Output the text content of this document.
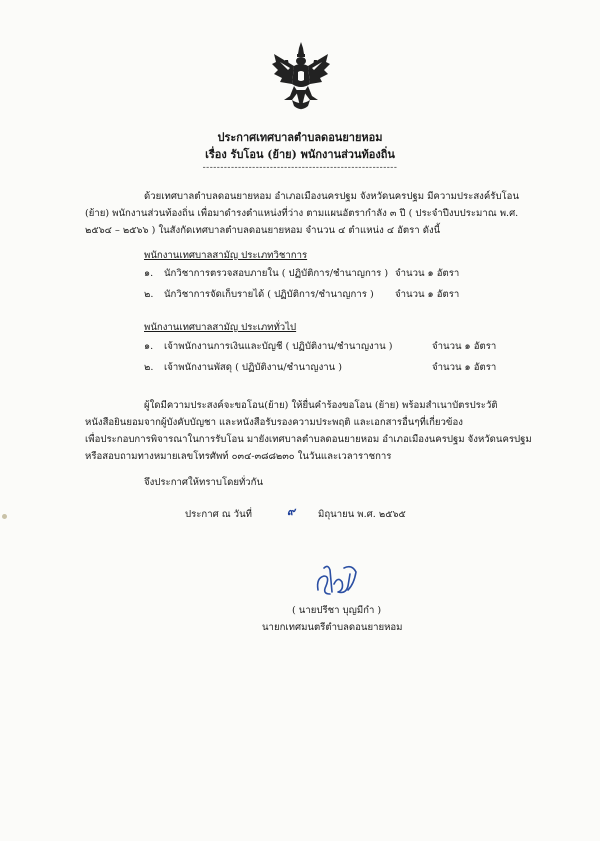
ประกาศเทศบาลตำบลดอนยายหอม
เรื่อง รับโอน (ย้าย) พนักงานส่วนท้องถิ่น
-------------------------------------------------------
ด้วยเทศบาลตำบลดอนยายหอม อำเภอเมืองนครปฐม จังหวัดนครปฐม มีความประสงค์รับโอน
(ย้าย) พนักงานส่วนท้องถิ่น เพื่อมาดำรงตำแหน่งที่ว่าง ตามแผนอัตรากำลัง ๓ ปี ( ประจำปีงบประมาณ พ.ศ.
๒๕๖๔ – ๒๕๖๖ ) ในสังกัดเทศบาลตำบลดอนยายหอม จำนวน ๔ ตำแหน่ง ๔ อัตรา ดังนี้
พนักงานเทศบาลสามัญ ประเภทวิชาการ
๑. นักวิชาการตรวจสอบภายใน ( ปฏิบัติการ/ชำนาญการ ) จำนวน ๑ อัตรา
๒. นักวิชาการจัดเก็บรายได้ ( ปฏิบัติการ/ชำนาญการ ) จำนวน ๑ อัตรา
พนักงานเทศบาลสามัญ ประเภททั่วไป
๑. เจ้าพนักงานการเงินและบัญชี ( ปฏิบัติงาน/ชำนาญงาน )	จำนวน ๑ อัตรา
๒. เจ้าพนักงานพัสดุ ( ปฏิบัติงาน/ชำนาญงาน )	จำนวน ๑ อัตรา
ผู้ใดมีความประสงค์จะขอโอน(ย้าย) ให้ยื่นคำร้องขอโอน (ย้าย) พร้อมสำเนาบัตรประวัติ
หนังสือยินยอมจากผู้บังคับบัญชา และหนังสือรับรองความประพฤติ และเอกสารอื่นๆที่เกี่ยวข้อง
เพื่อประกอบการพิจารณาในการรับโอน มายังเทศบาลตำบลดอนยายหอม อำเภอเมืองนครปฐม จังหวัดนครปฐม
หรือสอบถามทางหมายเลขโทรศัพท์ ๐๓๔-๓๘๘๒๓๐ ในวันและเวลาราชการ
จึงประกาศให้ทราบโดยทั่วกัน
ประกาศ ณ วันที่	๙ มิถุนายน พ.ศ. ๒๕๖๕
( นายปรีชา บุญมีกำ )
นายกเทศมนตรีตำบลดอนยายหอม
